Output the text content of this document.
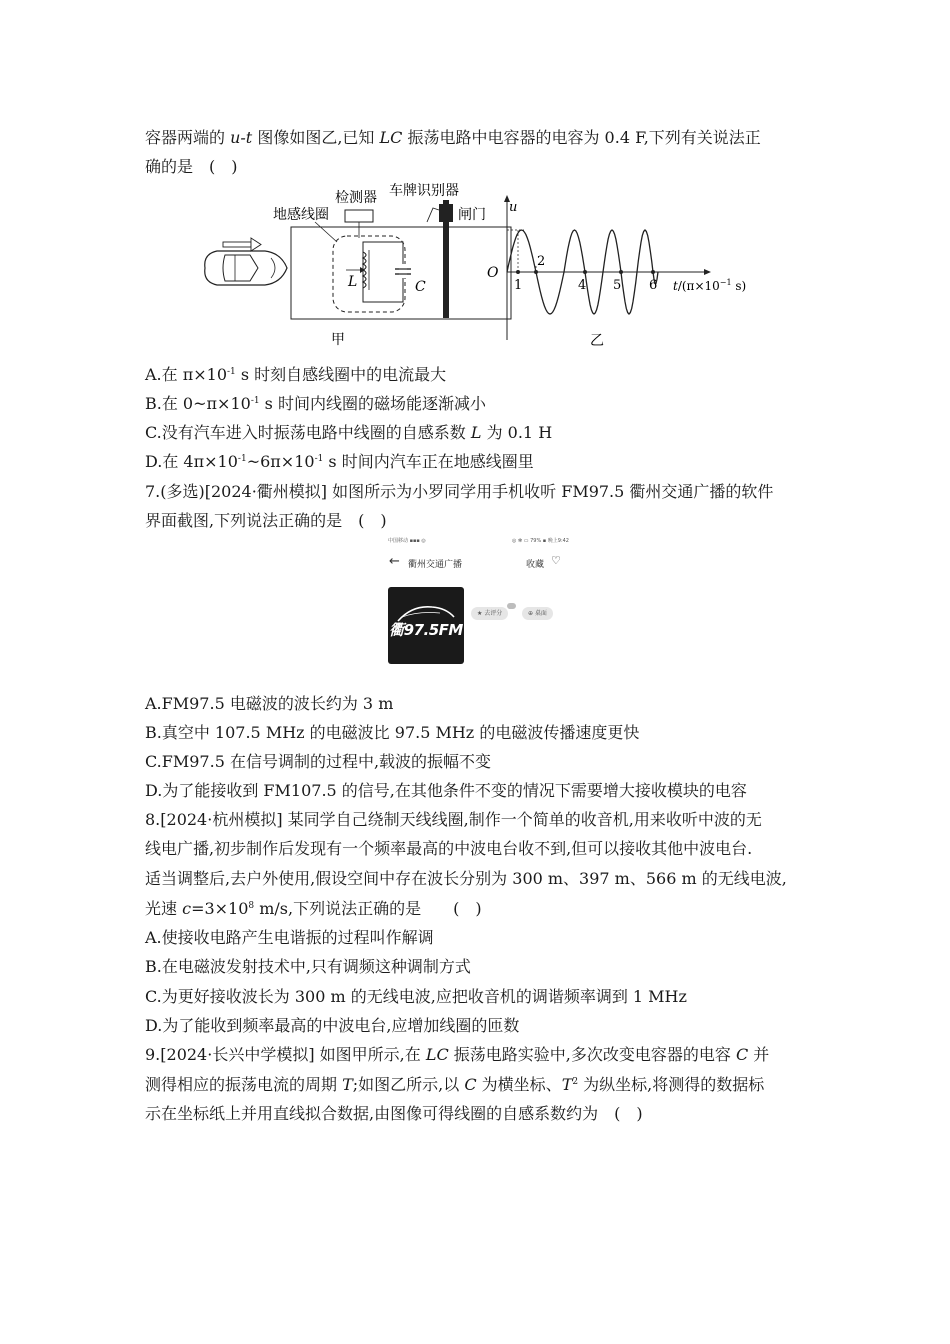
容器两端的 u-t 图像如图乙,已知 LC 振荡电路中电容器的电容为 0.4 F,下列有关说法正
确的是　(　)
检测器 车牌识别器
地感线圈	闸门
L	C
甲
u
O
1
2
4 5 6 $t/(\pi\times 10^{-1}$ s)
乙
A.在 $\pi\times 10^{-1}$ s 时刻自感线圈中的电流最大
B.在 $0\sim\pi\times 10^{-1}$ s 时间内线圈的磁场能逐渐减小
C.没有汽车进入时振荡电路中线圈的自感系数 L 为 0.1 H
D.在 $4\pi\times 10^{-1}\sim 6\pi\times 10^{-1}$ s 时间内汽车正在地感线圈里
7.(多选)[2024·衢州模拟] 如图所示为小罗同学用手机收听 FM97.5 衢州交通广播的软件
界面截图,下列说法正确的是　(　)
中国移动 ▪▪▪ ◎	◎ ✻ ▭ 79% ▪ 晚上9:42
← 衢州交通广播	收藏 ♡
衢97.5FM
★ 去评分	⊕ 桌面
A.FM97.5 电磁波的波长约为 3 m
B.真空中 107.5 MHz 的电磁波比 97.5 MHz 的电磁波传播速度更快
C.FM97.5 在信号调制的过程中,载波的振幅不变
D.为了能接收到 FM107.5 的信号,在其他条件不变的情况下需要增大接收模块的电容
8.[2024·杭州模拟] 某同学自己绕制天线线圈,制作一个简单的收音机,用来收听中波的无
线电广播,初步制作后发现有一个频率最高的中波电台收不到,但可以接收其他中波电台.
适当调整后,去户外使用,假设空间中存在波长分别为 300 m、397 m、566 m 的无线电波,
光速 $c=3\times 10^8$ m/s,下列说法正确的是　　(　)
A.使接收电路产生电谐振的过程叫作解调
B.在电磁波发射技术中,只有调频这种调制方式
C.为更好接收波长为 300 m 的无线电波,应把收音机的调谐频率调到 1 MHz
D.为了能收到频率最高的中波电台,应增加线圈的匝数
9.[2024·长兴中学模拟] 如图甲所示,在 LC 振荡电路实验中,多次改变电容器的电容 C 并
测得相应的振荡电流的周期 T;如图乙所示,以 C 为横坐标、$T^2$ 为纵坐标,将测得的数据标
示在坐标纸上并用直线拟合数据,由图像可得线圈的自感系数约为　(　)
